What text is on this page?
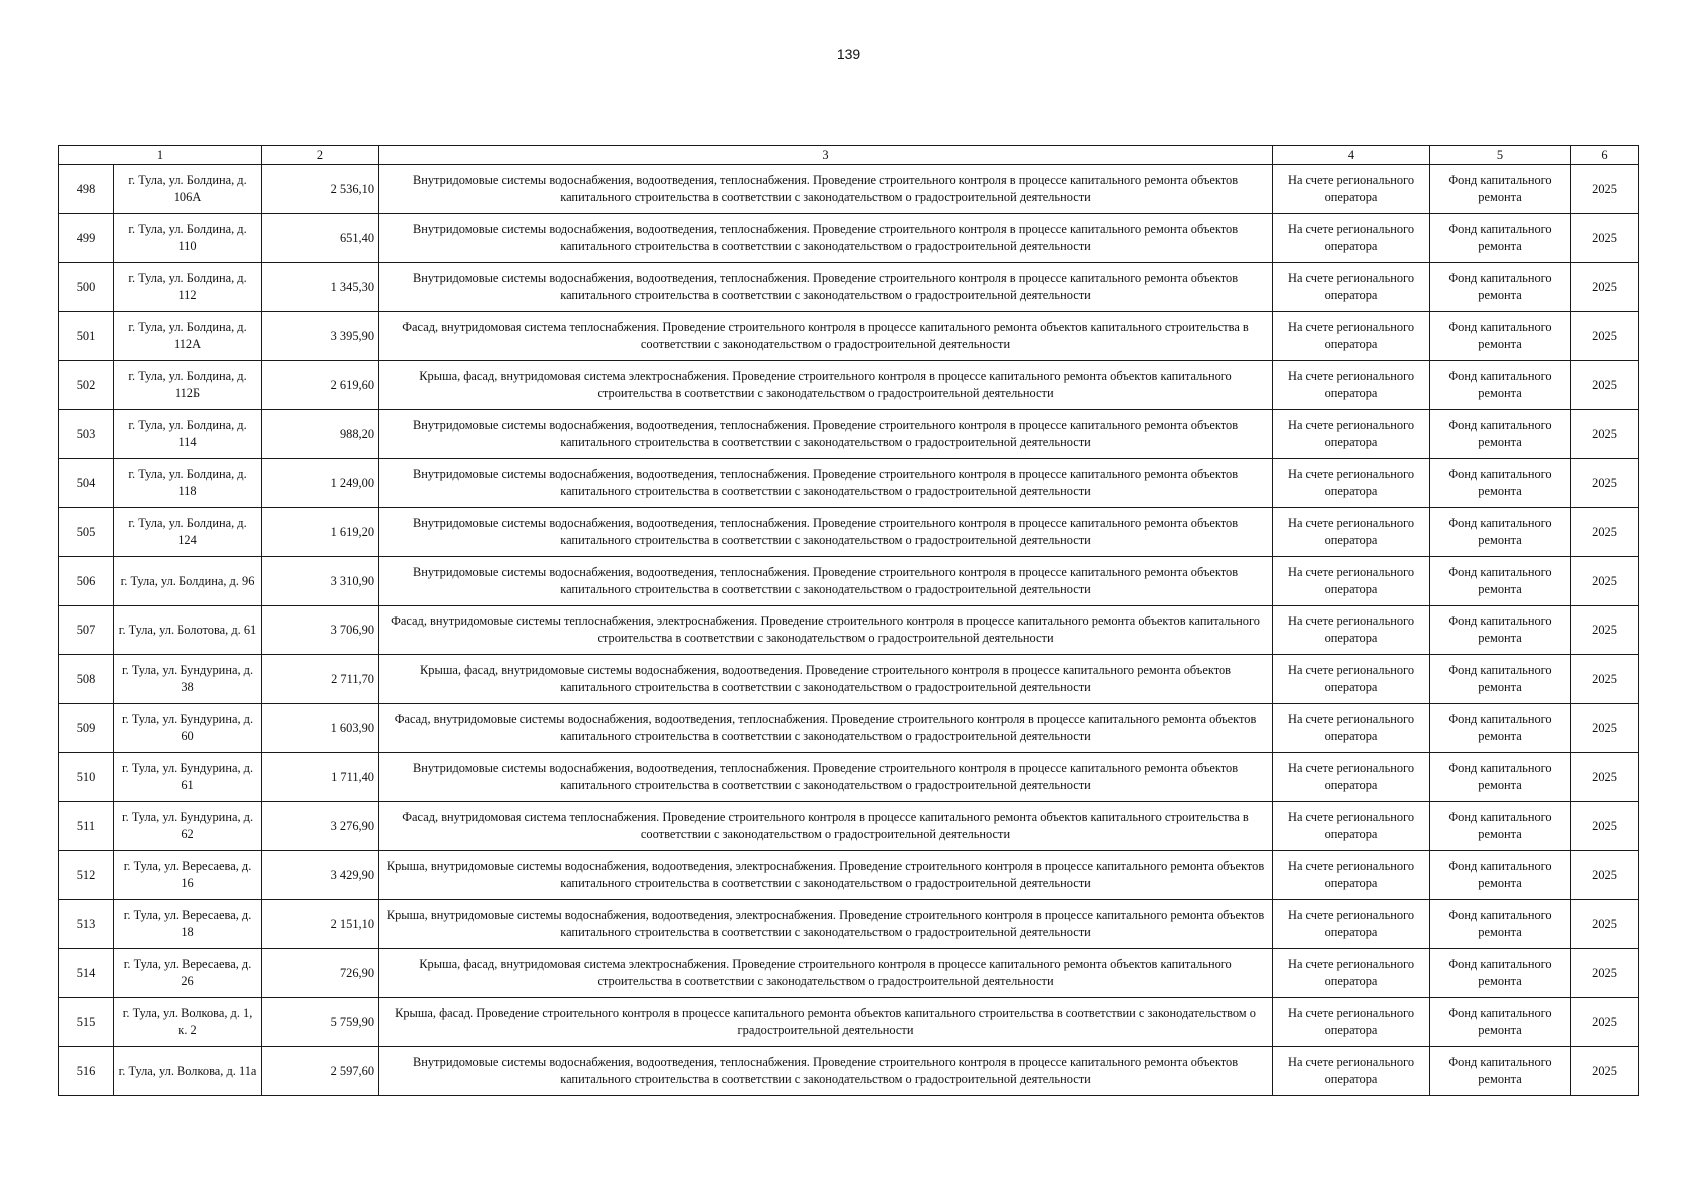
139
1		2	3	4	5	6
498	г. Тула, ул. Болдина, д. 106А	2 536,10	Внутридомовые системы водоснабжения, водоотведения, теплоснабжения. Проведение строительного контроля в процессе капитального ремонта объектов капитального строительства в соответствии с законодательством о градостроительной деятельности	На счете регионального оператора	Фонд капитального ремонта	2025
499	г. Тула, ул. Болдина, д. 110	651,40	Внутридомовые системы водоснабжения, водоотведения, теплоснабжения. Проведение строительного контроля в процессе капитального ремонта объектов капитального строительства в соответствии с законодательством о градостроительной деятельности	На счете регионального оператора	Фонд капитального ремонта	2025
500	г. Тула, ул. Болдина, д. 112	1 345,30	Внутридомовые системы водоснабжения, водоотведения, теплоснабжения. Проведение строительного контроля в процессе капитального ремонта объектов капитального строительства в соответствии с законодательством о градостроительной деятельности	На счете регионального оператора	Фонд капитального ремонта	2025
501	г. Тула, ул. Болдина, д. 112А	3 395,90	Фасад, внутридомовая система теплоснабжения. Проведение строительного контроля в процессе капитального ремонта объектов капитального строительства в соответствии с законодательством о градостроительной деятельности	На счете регионального оператора	Фонд капитального ремонта	2025
502	г. Тула, ул. Болдина, д. 112Б	2 619,60	Крыша, фасад, внутридомовая система электроснабжения. Проведение строительного контроля в процессе капитального ремонта объектов капитального строительства в соответствии с законодательством о градостроительной деятельности	На счете регионального оператора	Фонд капитального ремонта	2025
503	г. Тула, ул. Болдина, д. 114	988,20	Внутридомовые системы водоснабжения, водоотведения, теплоснабжения. Проведение строительного контроля в процессе капитального ремонта объектов капитального строительства в соответствии с законодательством о градостроительной деятельности	На счете регионального оператора	Фонд капитального ремонта	2025
504	г. Тула, ул. Болдина, д. 118	1 249,00	Внутридомовые системы водоснабжения, водоотведения, теплоснабжения. Проведение строительного контроля в процессе капитального ремонта объектов капитального строительства в соответствии с законодательством о градостроительной деятельности	На счете регионального оператора	Фонд капитального ремонта	2025
505	г. Тула, ул. Болдина, д. 124	1 619,20	Внутридомовые системы водоснабжения, водоотведения, теплоснабжения. Проведение строительного контроля в процессе капитального ремонта объектов капитального строительства в соответствии с законодательством о градостроительной деятельности	На счете регионального оператора	Фонд капитального ремонта	2025
506	г. Тула, ул. Болдина, д. 96	3 310,90	Внутридомовые системы водоснабжения, водоотведения, теплоснабжения. Проведение строительного контроля в процессе капитального ремонта объектов капитального строительства в соответствии с законодательством о градостроительной деятельности	На счете регионального оператора	Фонд капитального ремонта	2025
507	г. Тула, ул. Болотова, д. 61	3 706,90	Фасад, внутридомовые системы теплоснабжения, электроснабжения. Проведение строительного контроля в процессе капитального ремонта объектов капитального строительства в соответствии с законодательством о градостроительной деятельности	На счете регионального оператора	Фонд капитального ремонта	2025
508	г. Тула, ул. Бундурина, д. 38	2 711,70	Крыша, фасад, внутридомовые системы водоснабжения, водоотведения. Проведение строительного контроля в процессе капитального ремонта объектов капитального строительства в соответствии с законодательством о градостроительной деятельности	На счете регионального оператора	Фонд капитального ремонта	2025
509	г. Тула, ул. Бундурина, д. 60	1 603,90	Фасад, внутридомовые системы водоснабжения, водоотведения, теплоснабжения. Проведение строительного контроля в процессе капитального ремонта объектов капитального строительства в соответствии с законодательством о градостроительной деятельности	На счете регионального оператора	Фонд капитального ремонта	2025
510	г. Тула, ул. Бундурина, д. 61	1 711,40	Внутридомовые системы водоснабжения, водоотведения, теплоснабжения. Проведение строительного контроля в процессе капитального ремонта объектов капитального строительства в соответствии с законодательством о градостроительной деятельности	На счете регионального оператора	Фонд капитального ремонта	2025
511	г. Тула, ул. Бундурина, д. 62	3 276,90	Фасад, внутридомовая система теплоснабжения. Проведение строительного контроля в процессе капитального ремонта объектов капитального строительства в соответствии с законодательством о градостроительной деятельности	На счете регионального оператора	Фонд капитального ремонта	2025
512	г. Тула, ул. Вересаева, д. 16	3 429,90	Крыша, внутридомовые системы водоснабжения, водоотведения, электроснабжения. Проведение строительного контроля в процессе капитального ремонта объектов капитального строительства в соответствии с законодательством о градостроительной деятельности	На счете регионального оператора	Фонд капитального ремонта	2025
513	г. Тула, ул. Вересаева, д. 18	2 151,10	Крыша, внутридомовые системы водоснабжения, водоотведения, электроснабжения. Проведение строительного контроля в процессе капитального ремонта объектов капитального строительства в соответствии с законодательством о градостроительной деятельности	На счете регионального оператора	Фонд капитального ремонта	2025
514	г. Тула, ул. Вересаева, д. 26	726,90	Крыша, фасад, внутридомовая система электроснабжения. Проведение строительного контроля в процессе капитального ремонта объектов капитального строительства в соответствии с законодательством о градостроительной деятельности	На счете регионального оператора	Фонд капитального ремонта	2025
515	г. Тула, ул. Волкова, д. 1, к. 2	5 759,90	Крыша, фасад. Проведение строительного контроля в процессе капитального ремонта объектов капитального строительства в соответствии с законодательством о градостроительной деятельности	На счете регионального оператора	Фонд капитального ремонта	2025
516	г. Тула, ул. Волкова, д. 11а	2 597,60	Внутридомовые системы водоснабжения, водоотведения, теплоснабжения. Проведение строительного контроля в процессе капитального ремонта объектов капитального строительства в соответствии с законодательством о градостроительной деятельности	На счете регионального оператора	Фонд капитального ремонта	2025
